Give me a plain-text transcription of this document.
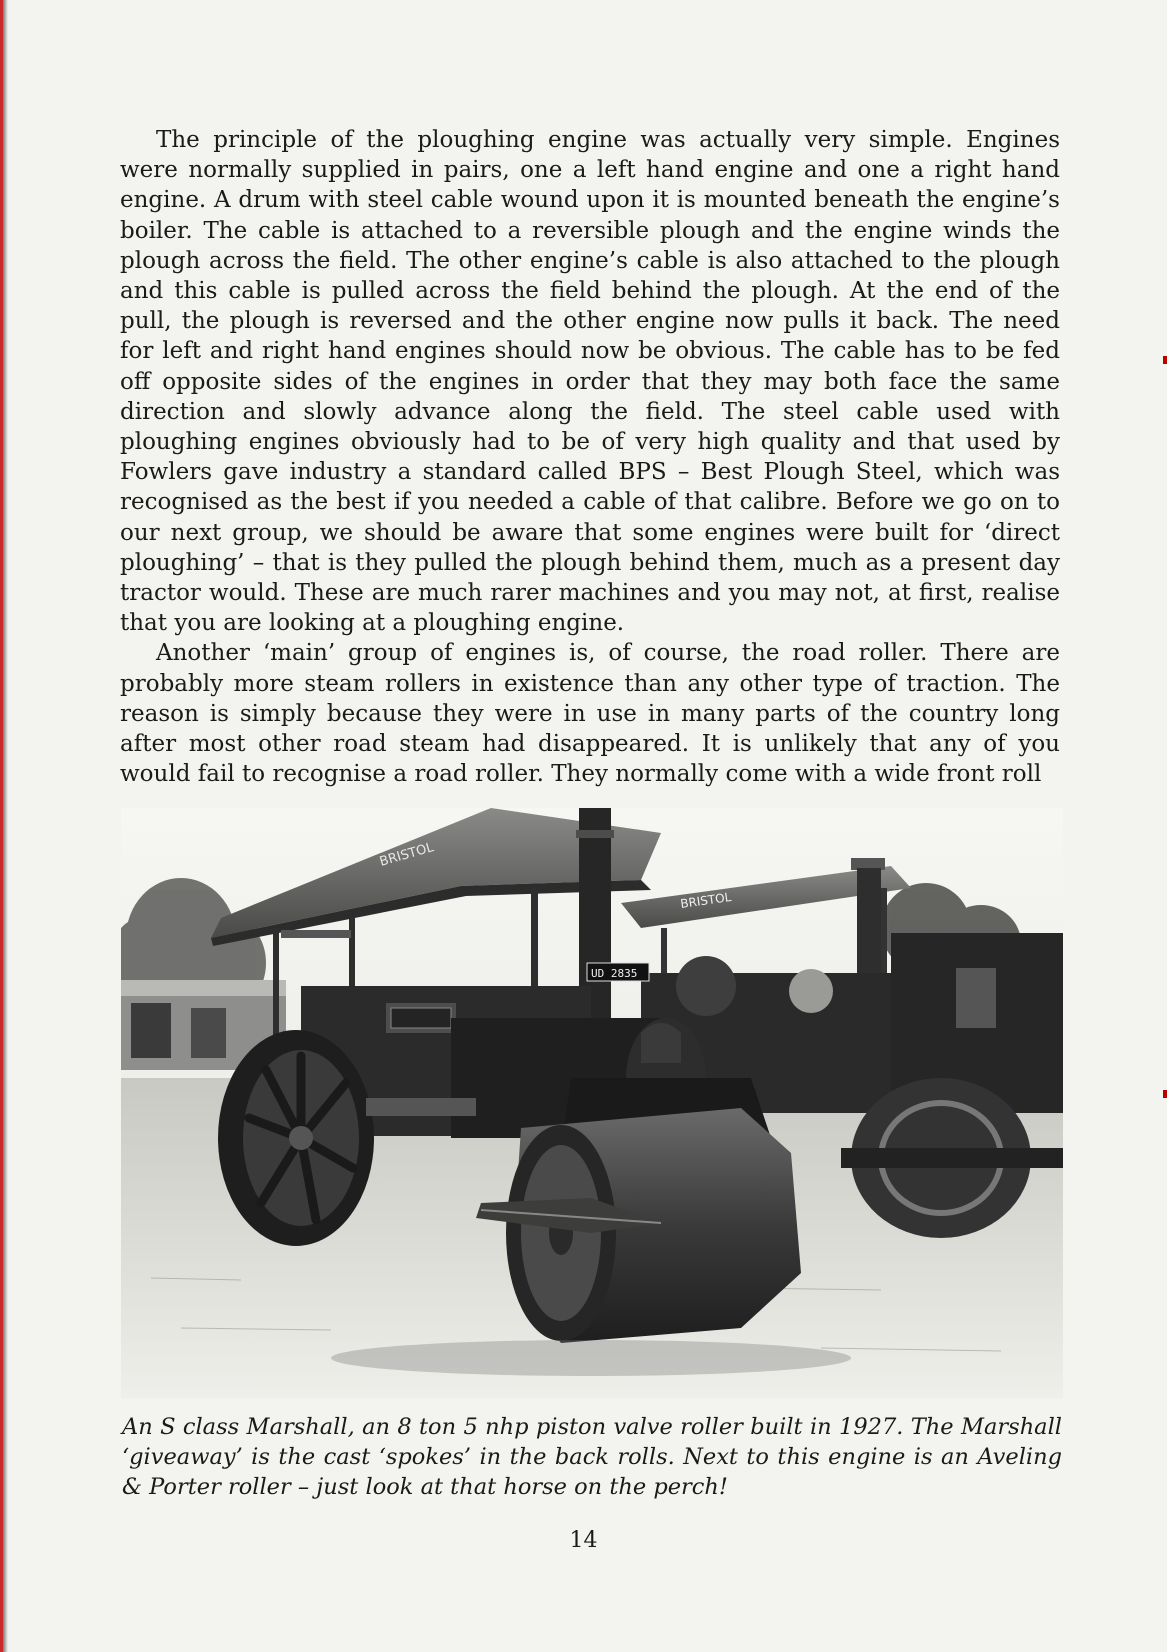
The principle of the ploughing engine was actually very simple. Engines were normally supplied in pairs, one a left hand engine and one a right hand engine. A drum with steel cable wound upon it is mounted beneath the engine’s boiler. The cable is attached to a reversible plough and the engine winds the plough across the field. The other engine’s cable is also attached to the plough and this cable is pulled across the field behind the plough. At the end of the pull, the plough is reversed and the other engine now pulls it back. The need for left and right hand engines should now be obvious. The cable has to be fed off opposite sides of the engines in order that they may both face the same direction and slowly advance along the field. The steel cable used with ploughing engines obviously had to be of very high quality and that used by Fowlers gave industry a standard called BPS – Best Plough Steel, which was recognised as the best if you needed a cable of that calibre. Before we go on to our next group, we should be aware that some engines were built for ‘direct ploughing’ – that is they pulled the plough behind them, much as a present day tractor would. These are much rarer machines and you may not, at first, realise that you are looking at a ploughing engine.

Another ‘main’ group of engines is, of course, the road roller. There are probably more steam rollers in existence than any other type of traction. The reason is simply because they were in use in many parts of the country long after most other road steam had disappeared. It is unlikely that any of you would fail to recognise a road roller. They normally come with a wide front roll

BRISTOL
BRISTOL
UD 2835
An S class Marshall, an 8 ton 5 nhp piston valve roller built in 1927. The Marshall ‘giveaway’ is the cast ‘spokes’ in the back rolls. Next to this engine is an Aveling & Porter roller – just look at that horse on the perch!
14
